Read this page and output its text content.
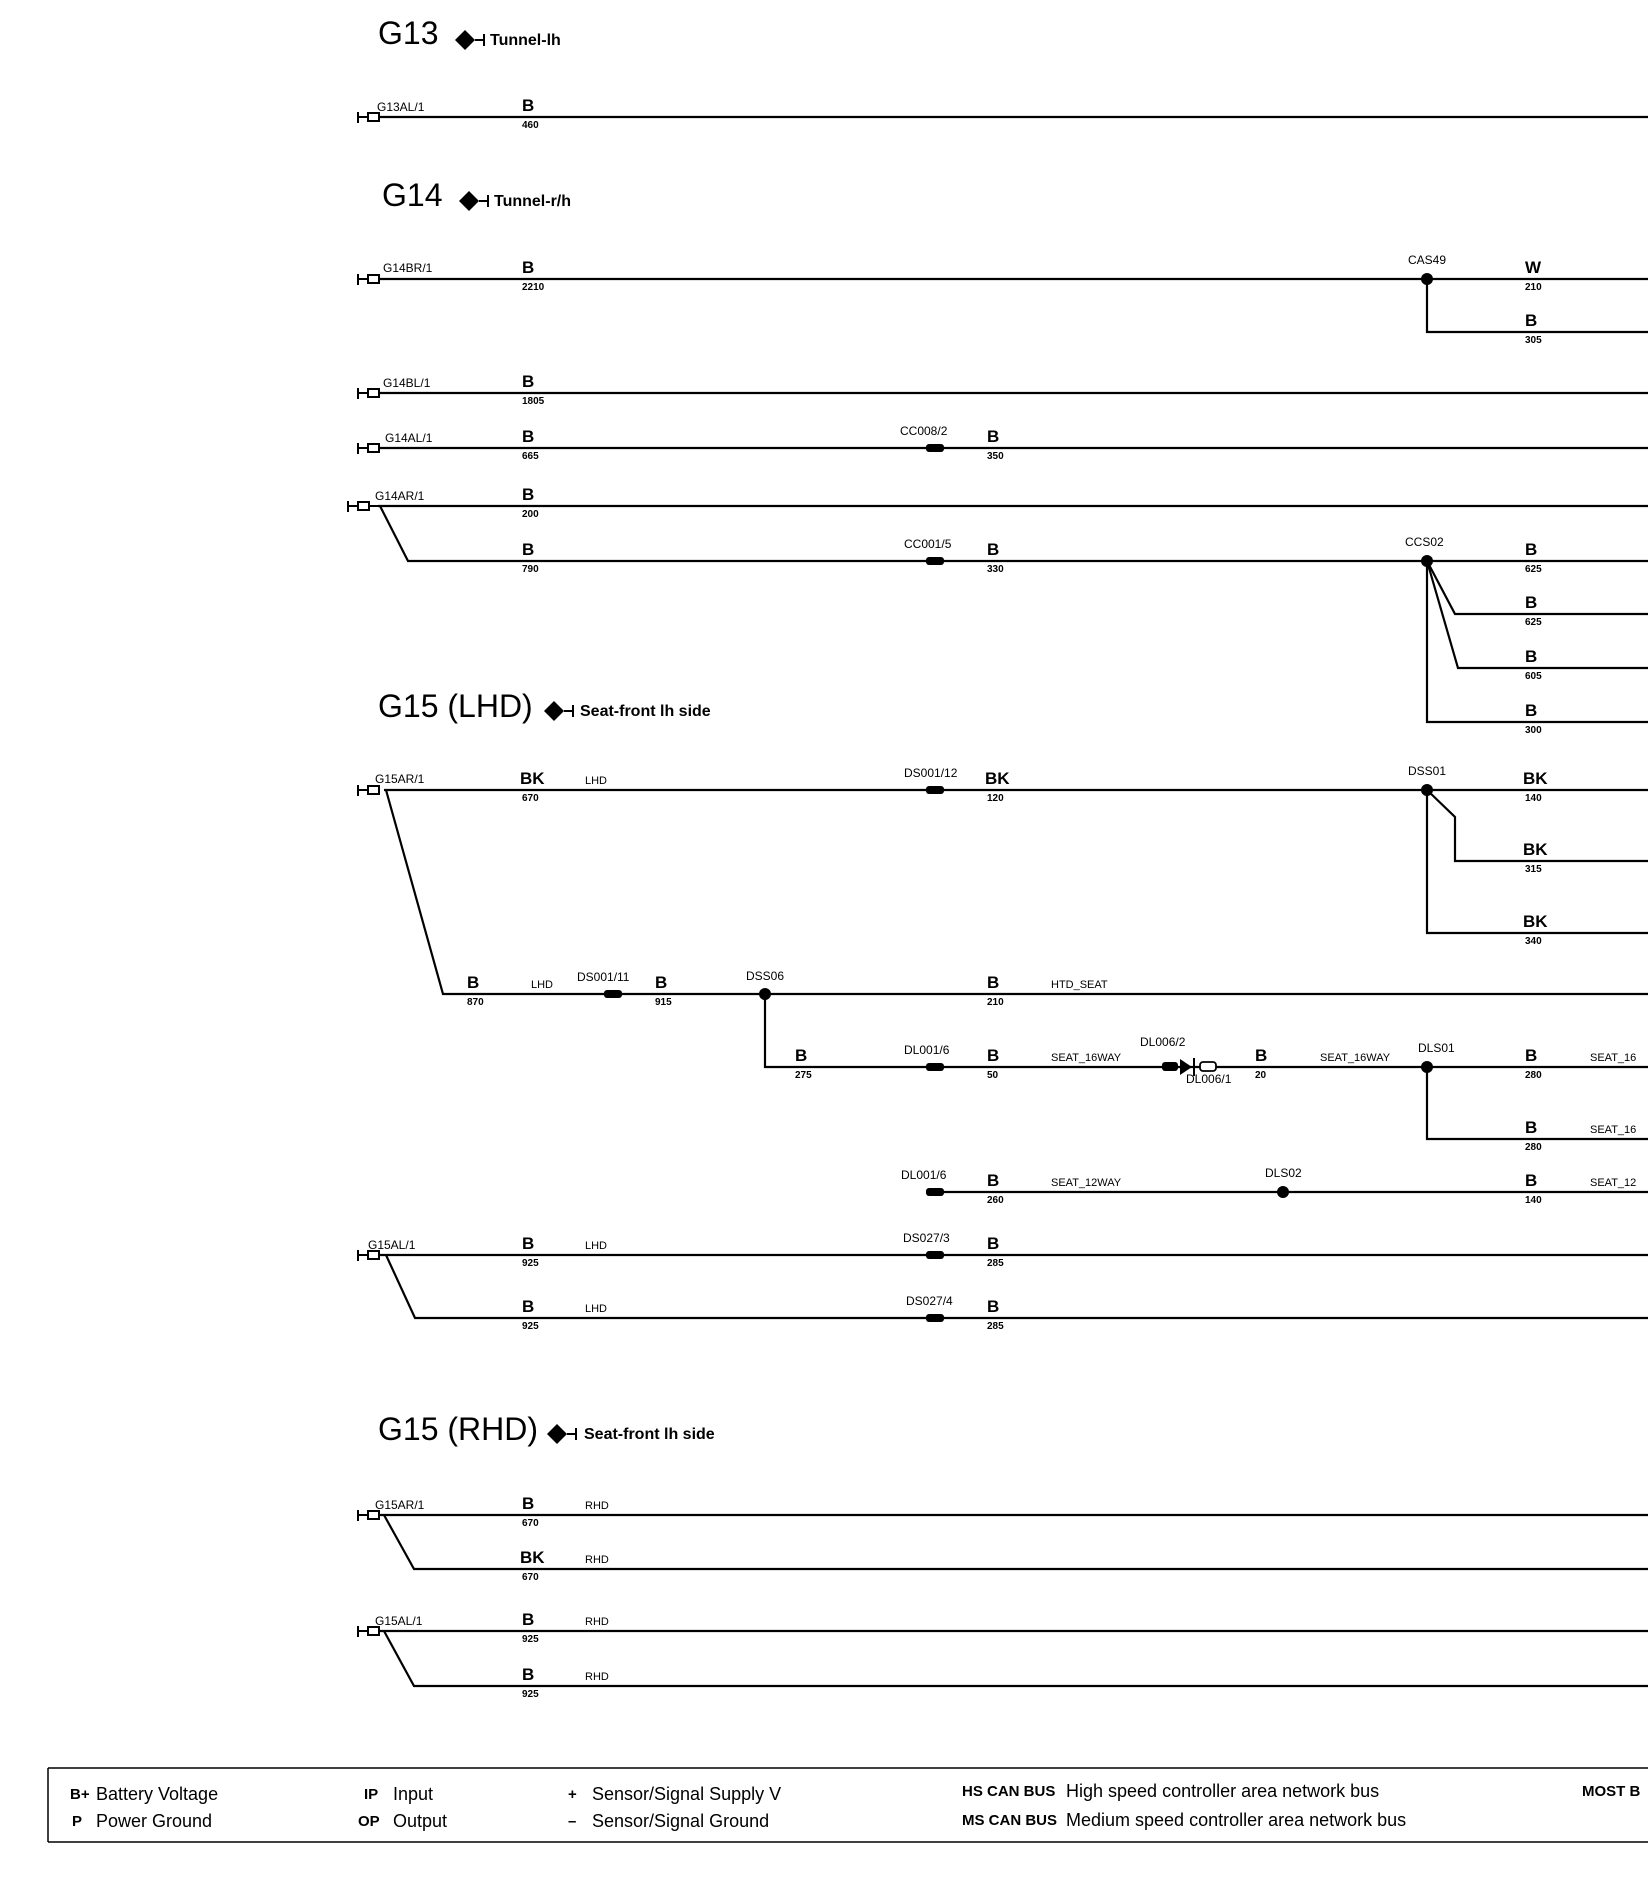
G13	Tunnel-lh
G14	Tunnel-r/h
G15 (LHD)	Seat-front lh side
G15 (RHD)	Seat-front lh side
G13AL/1
G14BR/1
G14BL/1
G14AL/1
G14AR/1
G15AR/1
G15AL/1
G15AR/1
G15AL/1
CC008/2
CC001/5
DS001/12
DS001/11
DL001/6
DL006/2
DL006/1
DL001/6
DS027/3
DS027/4
CAS49
CCS02
DSS01
DSS06
DLS01
DLS02
B
460
B
2210
W
210
B
305
B
1805
B
665
B
350
B
200
B
790
B
330
B
625
B
625
B
605
B
300
BK
670
BK
120
BK
140
BK
315
BK
340
B
870
B
915
B
210
B
275
B
50
B
20
B
280
B
280
B
260
B
140
B
925
B
285
B
925
B
285
B
670
BK
670
B
925
B
925
LHD
LHD	HTD_SEAT
SEAT_16WAY	SEAT_16WAY	SEAT_16
SEAT_16
SEAT_12WAY	SEAT_12
LHD
LHD
RHD
RHD
RHD
RHD
B+ Battery Voltage
P Power Ground
IP Input
OP Output
+ Sensor/Signal Supply V
– Sensor/Signal Ground
HS CAN BUS High speed controller area network bus
MS CAN BUS Medium speed controller area network bus
MOST B
